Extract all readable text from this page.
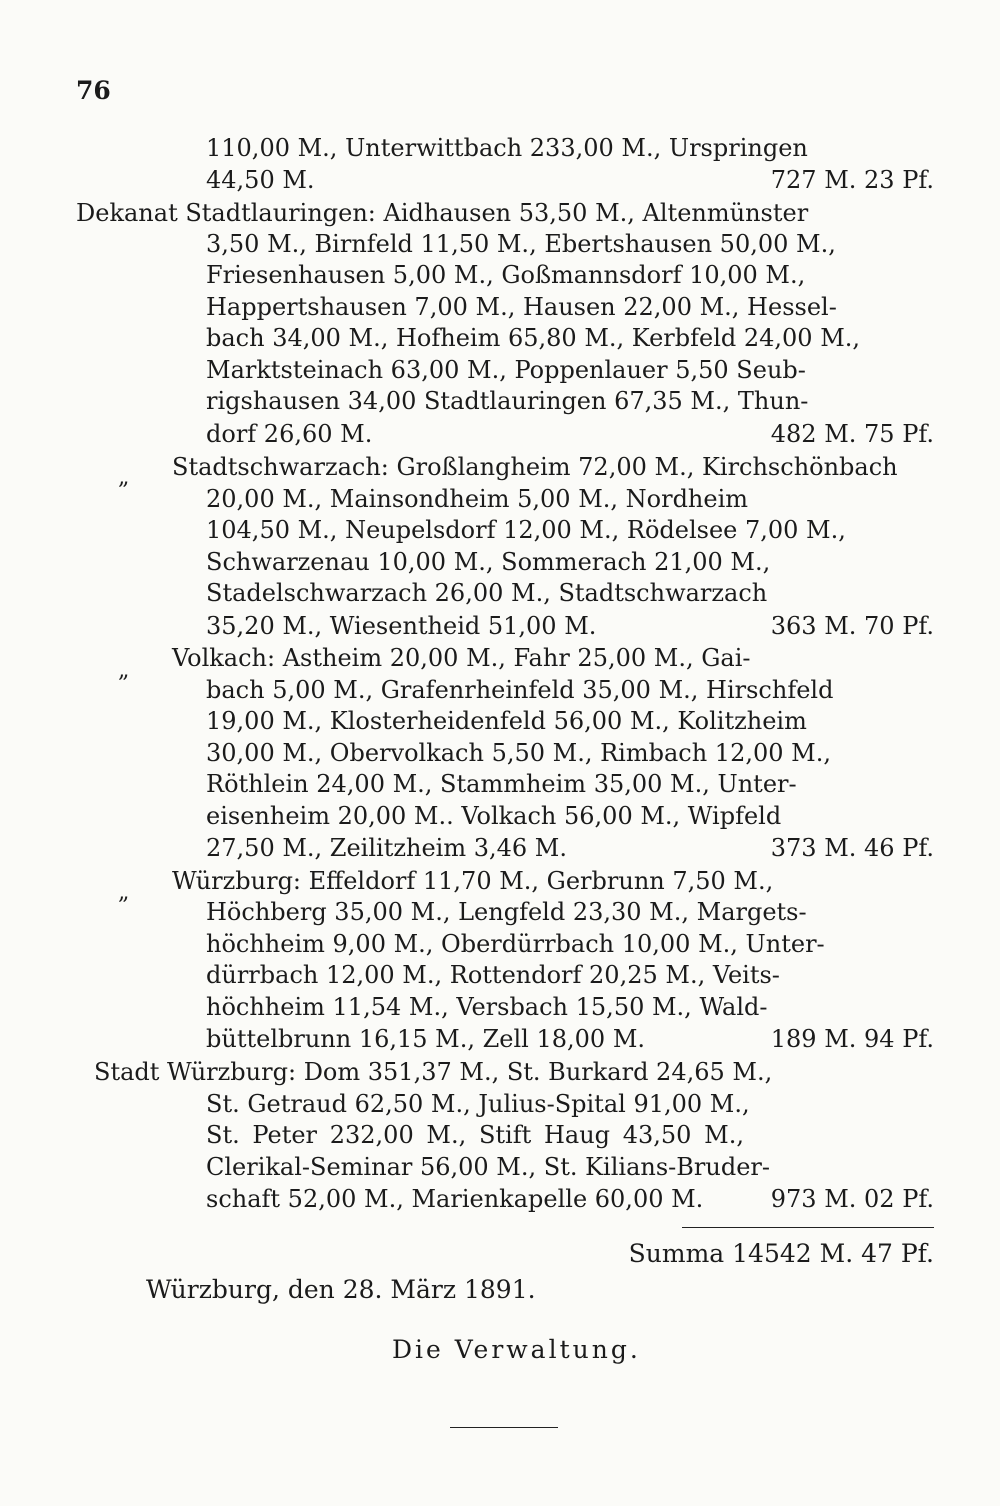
76
110,00 M., Unterwittbach 233,00 M., Urspringen
44,50 M.	727 M. 23 Pf.
Dekanat Stadtlauringen: Aidhausen 53,50 M., Altenmünster
3,50 M., Birnfeld 11,50 M., Ebertshausen 50,00 M.,
Friesenhausen 5,00 M., Goßmannsdorf 10,00 M.,
Happertshausen 7,00 M., Hausen 22,00 M., Hessel-
bach 34,00 M., Hofheim 65,80 M., Kerbfeld 24,00 M.,
Marktsteinach 63,00 M., Poppenlauer 5,50 Seub-
rigshausen 34,00 Stadtlauringen 67,35 M., Thun-
dorf 26,60 M.	482 M. 75 Pf.
„ Stadtschwarzach: Großlangheim 72,00 M., Kirchschönbach
20,00 M., Mainsondheim 5,00 M., Nordheim
104,50 M., Neupelsdorf 12,00 M., Rödelsee 7,00 M.,
Schwarzenau 10,00 M., Sommerach 21,00 M.,
Stadelschwarzach 26,00 M., Stadtschwarzach
35,20 M., Wiesentheid 51,00 M.	363 M. 70 Pf.
„ Volkach: Astheim 20,00 M., Fahr 25,00 M., Gai-
bach 5,00 M., Grafenrheinfeld 35,00 M., Hirschfeld
19,00 M., Klosterheidenfeld 56,00 M., Kolitzheim
30,00 M., Obervolkach 5,50 M., Rimbach 12,00 M.,
Röthlein 24,00 M., Stammheim 35,00 M., Unter-
eisenheim 20,00 M.. Volkach 56,00 M., Wipfeld
27,50 M., Zeilitzheim 3,46 M.	373 M. 46 Pf.
„ Würzburg: Effeldorf 11,70 M., Gerbrunn 7,50 M.,
Höchberg 35,00 M., Lengfeld 23,30 M., Margets-
höchheim 9,00 M., Oberdürrbach 10,00 M., Unter-
dürrbach 12,00 M., Rottendorf 20,25 M., Veits-
höchheim 11,54 M., Versbach 15,50 M., Wald-
büttelbrunn 16,15 M., Zell 18,00 M.	189 M. 94 Pf.
Stadt Würzburg: Dom 351,37 M., St. Burkard 24,65 M.,
St. Getraud 62,50 M., Julius-Spital 91,00 M.,
St. Peter 232,00 M., Stift Haug 43,50 M.,
Clerikal-Seminar 56,00 M., St. Kilians-Bruder-
schaft 52,00 M., Marienkapelle 60,00 M.	973 M. 02 Pf.
Summa 14542 M. 47 Pf.
Würzburg, den 28. März 1891.
Die Verwaltung.
